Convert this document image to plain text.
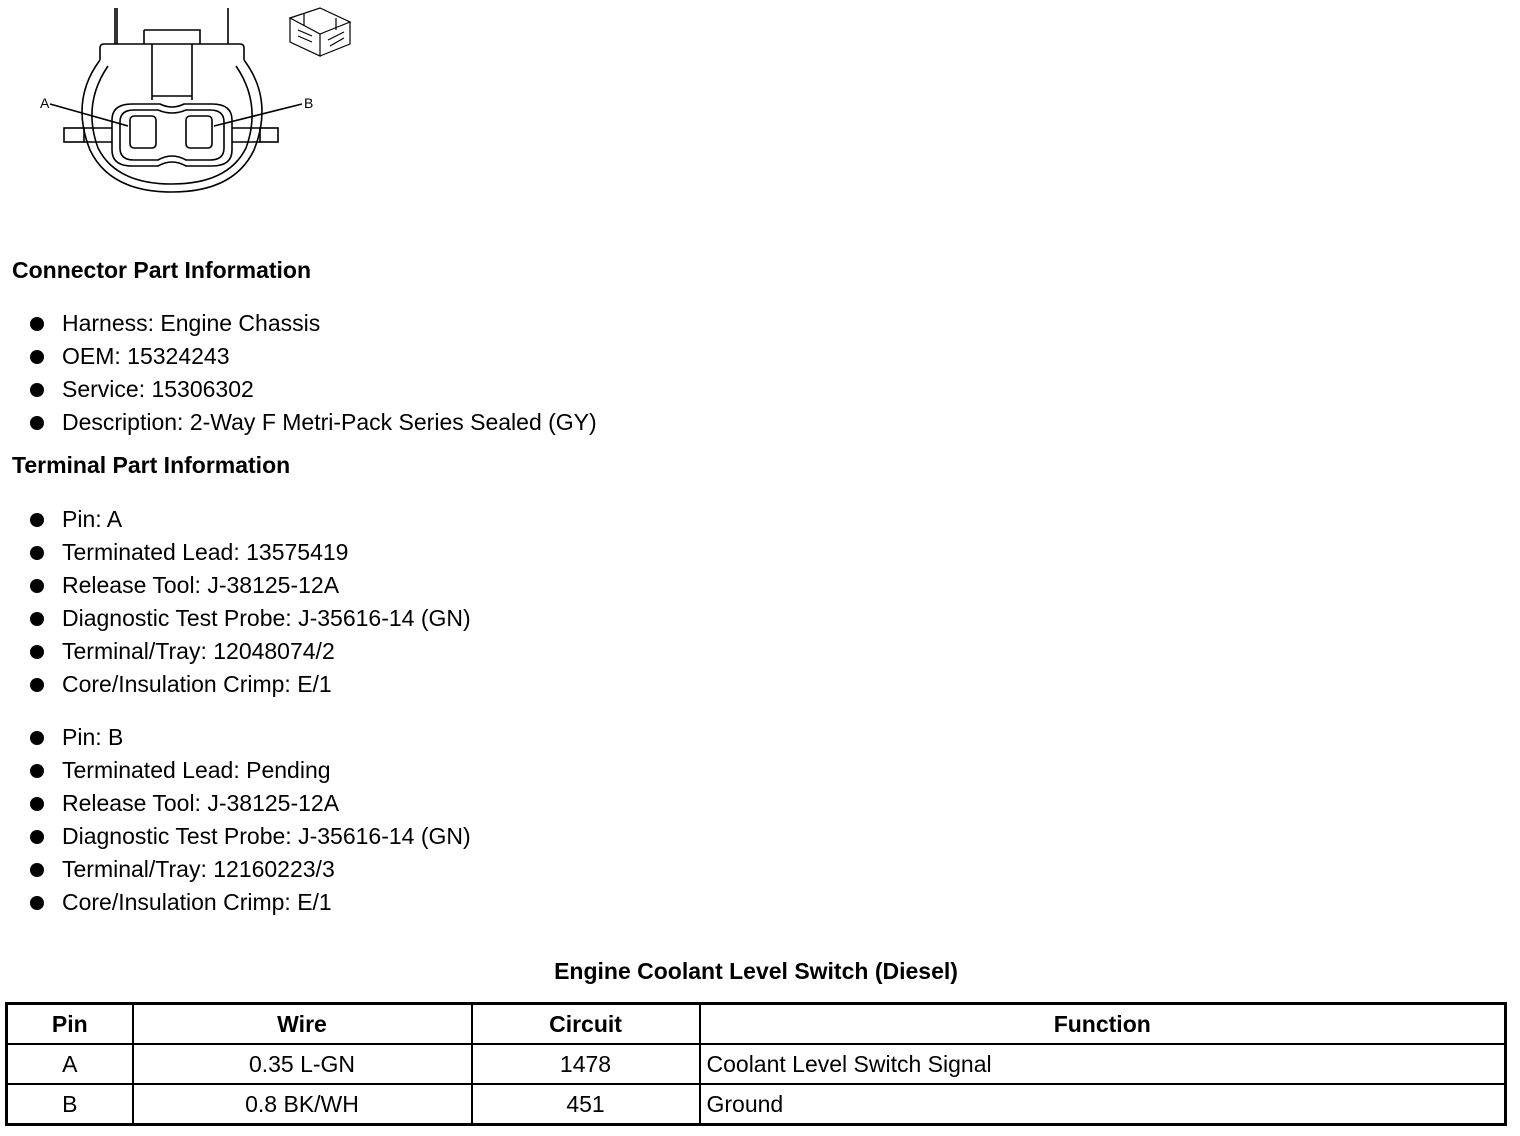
A	B
Connector Part Information
Harness: Engine Chassis
OEM: 15324243
Service: 15306302
Description: 2-Way F Metri-Pack Series Sealed (GY)
Terminal Part Information
Pin: A
Terminated Lead: 13575419
Release Tool: J-38125-12A
Diagnostic Test Probe: J-35616-14 (GN)
Terminal/Tray: 12048074/2
Core/Insulation Crimp: E/1
Pin: B
Terminated Lead: Pending
Release Tool: J-38125-12A
Diagnostic Test Probe: J-35616-14 (GN)
Terminal/Tray: 12160223/3
Core/Insulation Crimp: E/1
Engine Coolant Level Switch (Diesel)
Pin	Wire	Circuit	Function
A	0.35 L-GN	1478	Coolant Level Switch Signal
B	0.8 BK/WH	451	Ground
